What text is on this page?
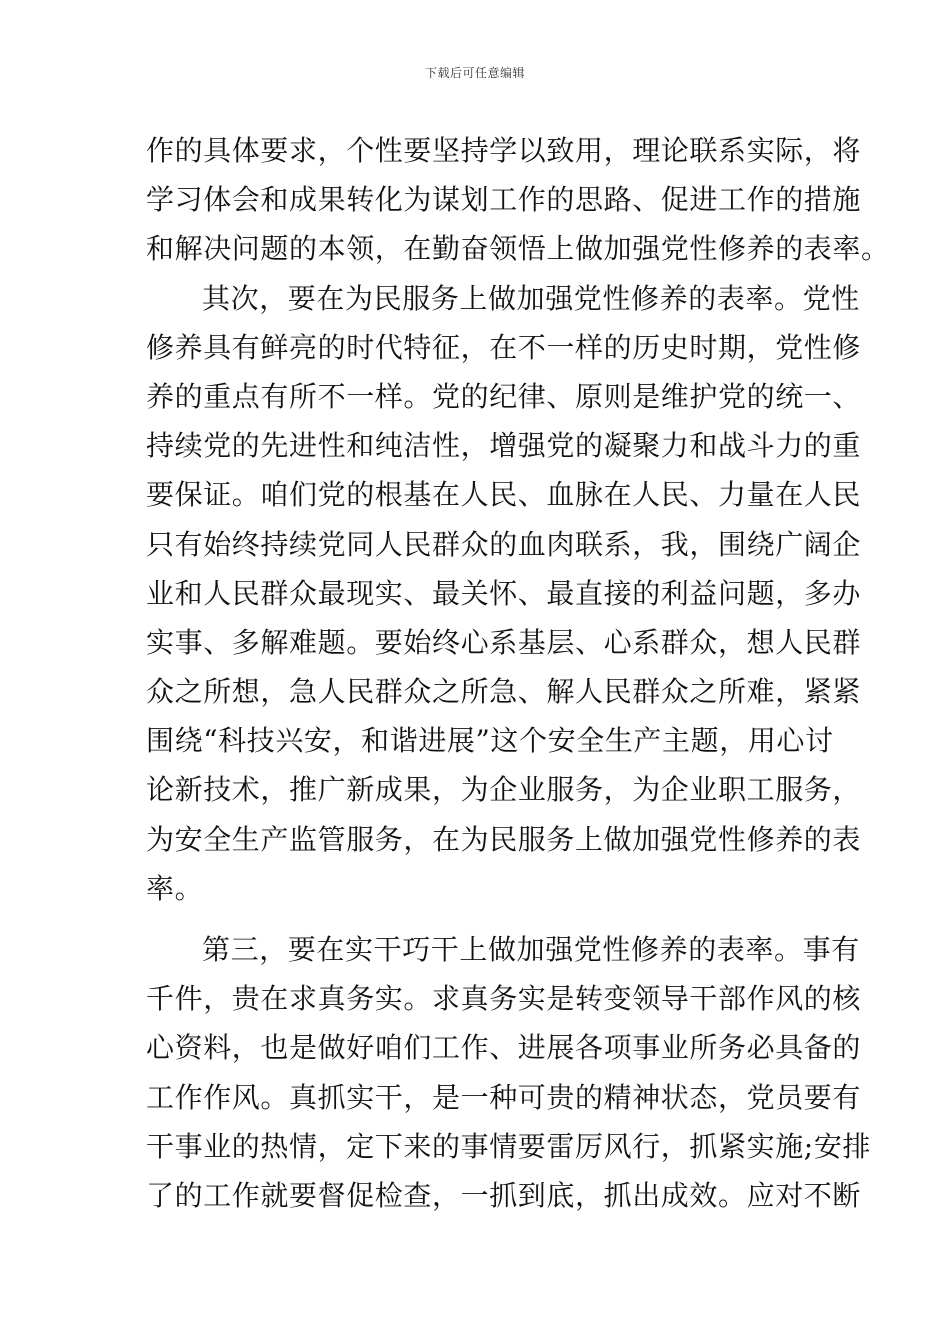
下载后可任意编辑
作的具体要求，个性要坚持学以致用，理论联系实际，将
学习体会和成果转化为谋划工作的思路、促进工作的措施
和解决问题的本领，在勤奋领悟上做加强党性修养的表率。
其次，要在为民服务上做加强党性修养的表率。党性
修养具有鲜亮的时代特征，在不一样的历史时期，党性修
养的重点有所不一样。党的纪律、原则是维护党的统一、
持续党的先进性和纯洁性，增强党的凝聚力和战斗力的重
要保证。咱们党的根基在人民、血脉在人民、力量在人民
只有始终持续党同人民群众的血肉联系，我，围绕广阔企
业和人民群众最现实、最关怀、最直接的利益问题，多办
实事、多解难题。要始终心系基层、心系群众，想人民群
众之所想，急人民群众之所急、解人民群众之所难，紧紧
围绕“科技兴安，和谐进展”这个安全生产主题，用心讨
论新技术，推广新成果，为企业服务，为企业职工服务，
为安全生产监管服务，在为民服务上做加强党性修养的表
率。
第三，要在实干巧干上做加强党性修养的表率。事有
千件，贵在求真务实。求真务实是转变领导干部作风的核
心资料，也是做好咱们工作、进展各项事业所务必具备的
工作作风。真抓实干，是一种可贵的精神状态，党员要有
干事业的热情，定下来的事情要雷厉风行，抓紧实施;安排
了的工作就要督促检查，一抓到底，抓出成效。应对不断
